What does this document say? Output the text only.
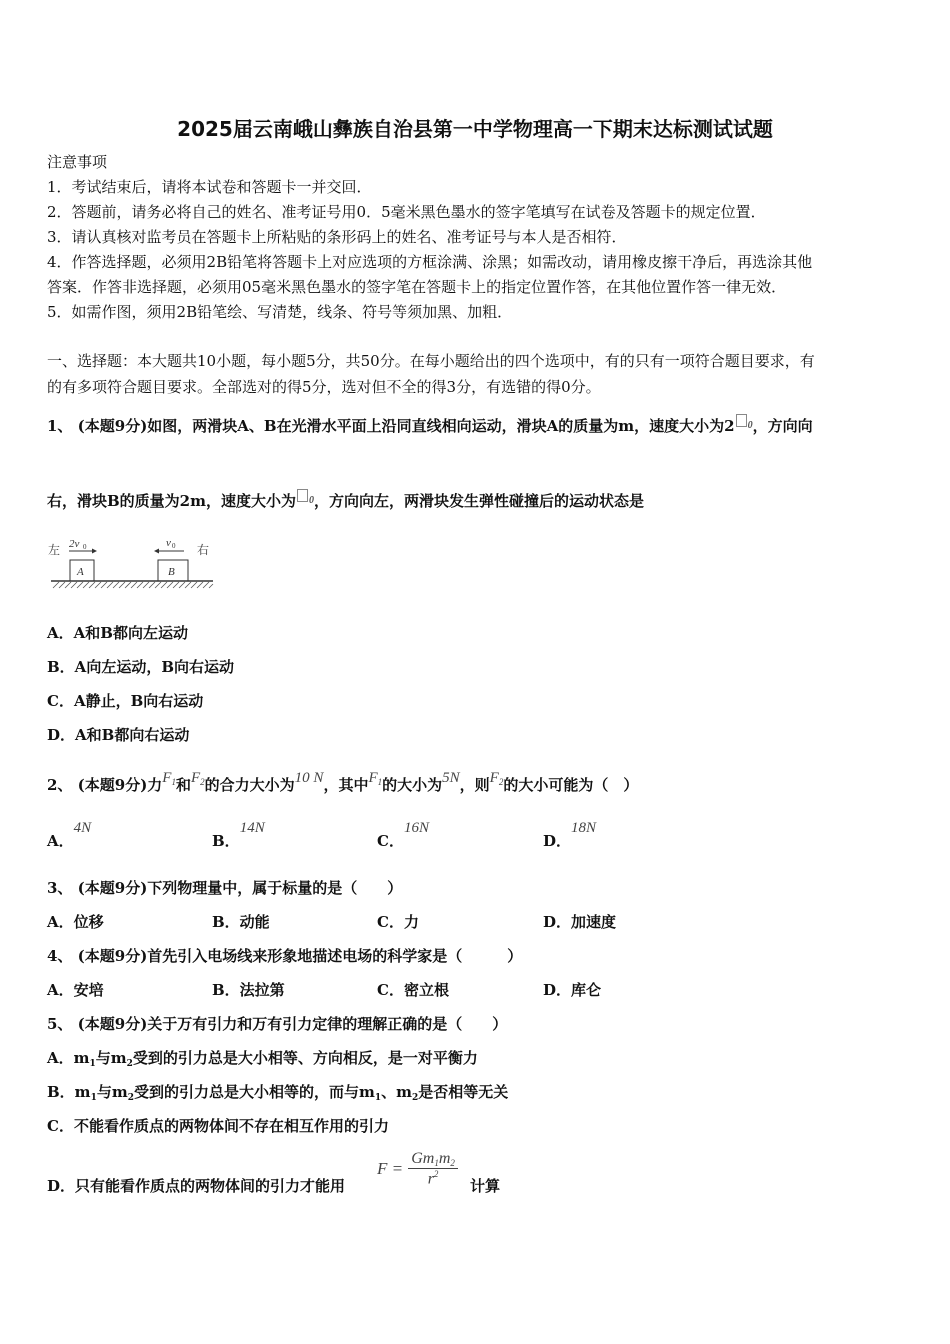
2025届云南峨山彝族自治县第一中学物理高一下期末达标测试试题
注意事项
1．考试结束后，请将本试卷和答题卡一并交回．
2．答题前，请务必将自己的姓名、准考证号用0．5毫米黑色墨水的签字笔填写在试卷及答题卡的规定位置．
3．请认真核对监考员在答题卡上所粘贴的条形码上的姓名、准考证号与本人是否相符．
4．作答选择题，必须用2B铅笔将答题卡上对应选项的方框涂满、涂黑；如需改动，请用橡皮擦干净后，再选涂其他
答案．作答非选择题，必须用05毫米黑色墨水的签字笔在答题卡上的指定位置作答，在其他位置作答一律无效．
5．如需作图，须用2B铅笔绘、写清楚，线条、符号等须加黑、加粗．
一、选择题：本大题共10小题，每小题5分，共50分。在每小题给出的四个选项中，有的只有一项符合题目要求，有
的有多项符合题目要求。全部选对的得5分，选对但不全的得3分，有选错的得0分。
1、 (本题9分)如图，两滑块A、B在光滑水平面上沿同直线相向运动，滑块A的质量为m，速度大小为2 $^0$，方向向
右，滑块B的质量为2m，速度大小为 $^0$，方向向左，两滑块发生弹性碰撞后的运动状态是
左	右
2v 0	v 0
A	B
A．A和B都向左运动
B．A向左运动，B向右运动
C．A静止，B向右运动
D．A和B都向右运动
2、 (本题9分)力$F_1$和$F_2$的合力大小为10 N，其中$F_1$的大小为5N，则$F_2$的大小可能为（　）
A．4N
B．14N
C．16N
D．18N
3、 (本题9分)下列物理量中，属于标量的是（　　）
A．位移	B．动能	C．力	D．加速度
4、 (本题9分)首先引入电场线来形象地描述电场的科学家是（　　　）
A．安培	B．法拉第	C．密立根	D．库仑
5、 (本题9分)关于万有引力和万有引力定律的理解正确的是（　　）
A．$m_1$与$m_2$受到的引力总是大小相等、方向相反，是一对平衡力
B．$m_1$与$m_2$受到的引力总是大小相等的，而与$m_1$、$m_2$是否相等无关
C．不能看作质点的两物体间不存在相互作用的引力
D．只有能看作质点的两物体间的引力才能用
$F = \frac{Gm_1m_2}{r^2}$ 计算
